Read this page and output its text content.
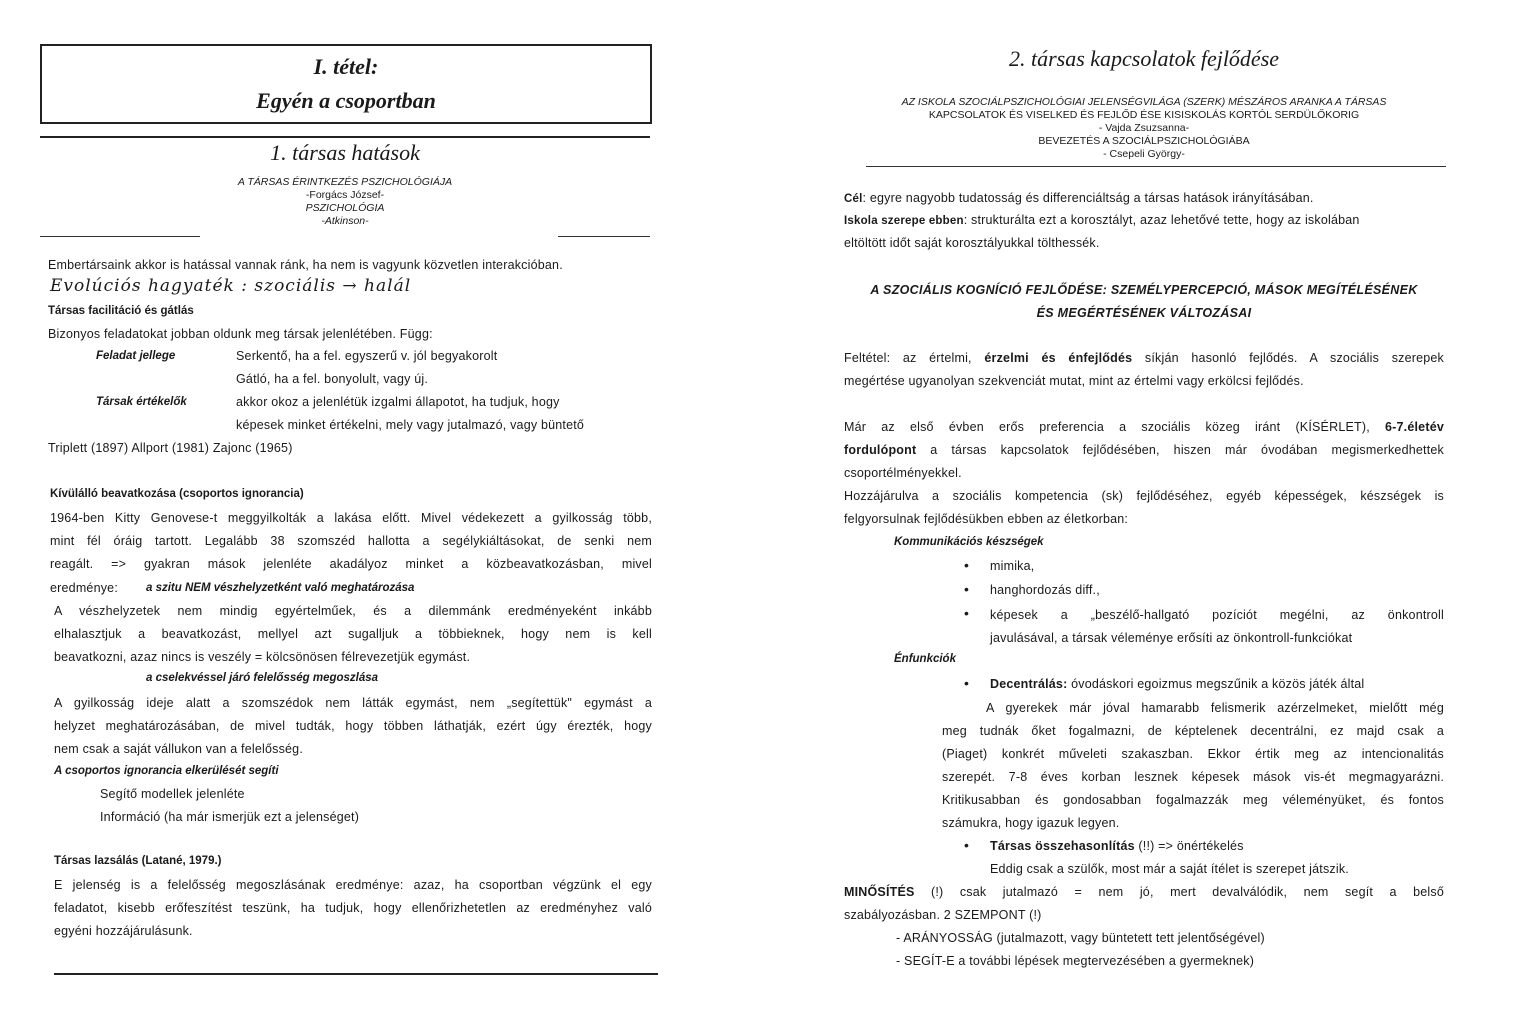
I. tétel:
Egyén a csoportban
1. társas hatások
A TÁRSAS ÉRINTKEZÉS PSZICHOLÓGIÁJA
-Forgács József-
PSZICHOLÓGIA
-Atkinson-
Embertársaink akkor is hatással vannak ránk, ha nem is vagyunk közvetlen interakcióban.
Evolúciós hagyaték : szociális → halál
Társas facilitáció és gátlás
Bizonyos feladatokat jobban oldunk meg társak jelenlétében. Függ:
Feladat jellege	Serkentő, ha a fel. egyszerű v. jól begyakorolt
Gátló, ha a fel. bonyolult, vagy új.
Társak értékelők	akkor okoz a jelenlétük izgalmi állapotot, ha tudjuk, hogy
képesek minket értékelni, mely vagy jutalmazó, vagy büntető
Triplett (1897) Allport (1981) Zajonc (1965)
Kívülálló beavatkozása (csoportos ignorancia)

1964-ben Kitty Genovese-t meggyilkolták a lakása előtt. Mivel védekezett a gyilkosság több,

mint fél óráig tartott. Legalább 38 szomszéd hallotta a segélykiáltásokat, de senki nem

reagált. => gyakran mások jelenléte akadályoz minket a közbeavatkozásban, mivel

eredménye: a szitu NEM vészhelyzetként való meghatározása

A vészhelyzetek nem mindig egyértelműek, és a dilemmánk eredményeként inkább

elhalasztjuk a beavatkozást, mellyel azt sugalljuk a többieknek, hogy nem is kell

beavatkozni, azaz nincs is veszély = kölcsönösen félrevezetjük egymást.

a cselekvéssel járó felelősség megoszlása

A gyilkosság ideje alatt a szomszédok nem látták egymást, nem „segítettük" egymást a

helyzet meghatározásában, de mivel tudták, hogy többen láthatják, ezért úgy érezték, hogy

nem csak a saját vállukon van a felelősség.

A csoportos ignorancia elkerülését segíti
Segítő modellek jelenléte
Információ (ha már ismerjük ezt a jelenséget)
Társas lazsálás (Latané, 1979.)

E jelenség is a felelősség megoszlásának eredménye: azaz, ha csoportban végzünk el egy

feladatot, kisebb erőfeszítést teszünk, ha tudjuk, hogy ellenőrizhetetlen az eredményhez való

egyéni hozzájárulásunk.

2. társas kapcsolatok fejlődése
AZ ISKOLA SZOCIÁLPSZICHOLÓGIAI JELENSÉGVILÁGA (SZERK) MÉSZÁROS ARANKA A TÁRSAS
KAPCSOLATOK ÉS VISELKED ÉS FEJLŐD ÉSE KISISKOLÁS KORTÓL SERDÜLŐKORIG
- Vajda Zsuzsanna-
BEVEZETÉS A SZOCIÁLPSZICHOLÓGIÁBA
- Csepeli György-
Cél: egyre nagyobb tudatosság és differenciáltság a társas hatások irányításában.
Iskola szerepe ebben: strukturálta ezt a korosztályt, azaz lehetővé tette, hogy az iskolában
eltöltött időt saját korosztályukkal tölthessék.
A SZOCIÁLIS KOGNÍCIÓ FEJLŐDÉSE: SZEMÉLYPERCEPCIÓ, MÁSOK MEGÍTÉLÉSÉNEK
ÉS MEGÉRTÉSÉNEK VÁLTOZÁSAI

Feltétel: az értelmi, érzelmi és énfejlődés síkján hasonló fejlődés. A szociális szerepek

megértése ugyanolyan szekvenciát mutat, mint az értelmi vagy erkölcsi fejlődés.

Már az első évben erős preferencia a szociális közeg iránt (KÍSÉRLET), 6-7.életév

fordulópont a társas kapcsolatok fejlődésében, hiszen már óvodában megismerkedhettek

csoportélményekkel.

Hozzájárulva a szociális kompetencia (sk) fejlődéséhez, egyéb képességek, készségek is

felgyorsulnak fejlődésükben ebben az életkorban:

Kommunikációs készségek
• mimika,
• hanghordozás diff.,
• képesek a „beszélő-hallgató pozíciót megélni, az önkontroll

javulásával, a társak véleménye erősíti az önkontroll-funkciókat

Énfunkciók
• Decentrálás: óvodáskori egoizmus megszűnik a közös játék által

A gyerekek már jóval hamarabb felismerik azérzelmeket, mielőtt még

meg tudnák őket fogalmazni, de képtelenek decentrálni, ez majd csak a

(Piaget) konkrét műveleti szakaszban. Ekkor értik meg az intencionalitás

szerepét. 7-8 éves korban lesznek képesek mások vis-ét megmagyarázni.

Kritikusabban és gondosabban fogalmazzák meg véleményüket, és fontos

számukra, hogy igazuk legyen.

• Társas összehasonlítás (!!) => önértékelés
Eddig csak a szülők, most már a saját ítélet is szerepet játszik.

MINŐSÍTÉS (!) csak jutalmazó = nem jó, mert devalválódik, nem segít a belső

szabályozásban. 2 SZEMPONT (!)

- ARÁNYOSSÁG (jutalmazott, vagy büntetett tett jelentőségével)
- SEGÍT-E a további lépések megtervezésében a gyermeknek)
